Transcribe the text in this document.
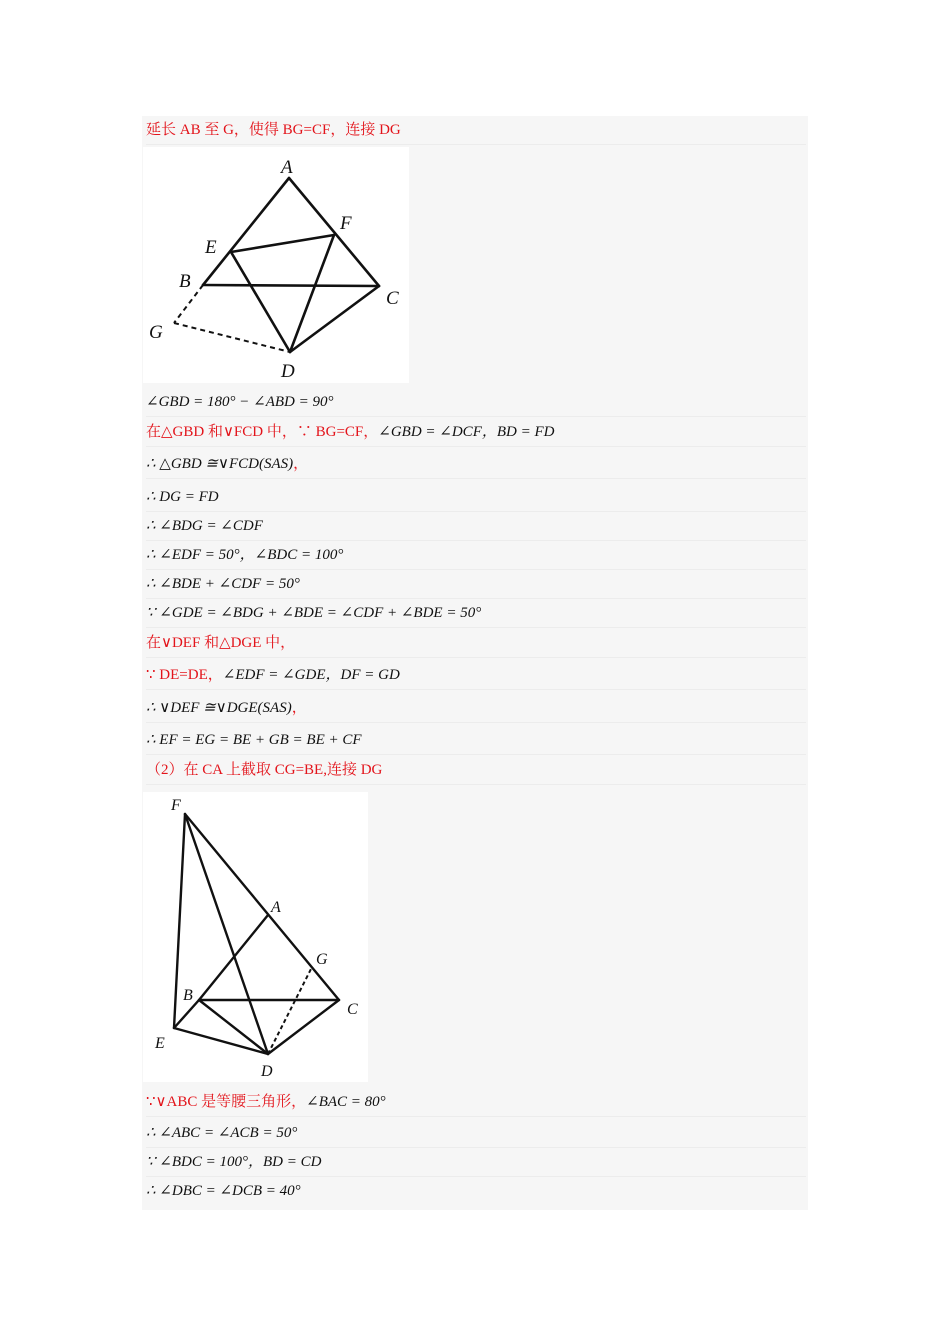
延长 AB 至 G，使得 BG=CF，连接 DG
A
B
C
D
E
F
G
∠GBD = 180° − ∠ABD = 90°
在△GBD 和∨FCD 中，∵ BG=CF，∠GBD = ∠DCF，BD = FD
∴ △GBD ≅∨FCD(SAS)，
∴ DG = FD
∴ ∠BDG = ∠CDF
∴ ∠EDF = 50°，∠BDC = 100°
∴ ∠BDE + ∠CDF = 50°
∵ ∠GDE = ∠BDG + ∠BDE = ∠CDF + ∠BDE = 50°
在∨DEF 和△DGE 中，
∵ DE=DE，∠EDF = ∠GDE，DF = GD
∴ ∨DEF ≅∨DGE(SAS)，
∴ EF = EG = BE + GB = BE + CF
（2）在 CA 上截取 CG=BE,连接 DG
A
B
C
D
E
F
G
∵∨ABC 是等腰三角形，∠BAC = 80°
∴ ∠ABC = ∠ACB = 50°
∵ ∠BDC = 100°，BD = CD
∴ ∠DBC = ∠DCB = 40°
